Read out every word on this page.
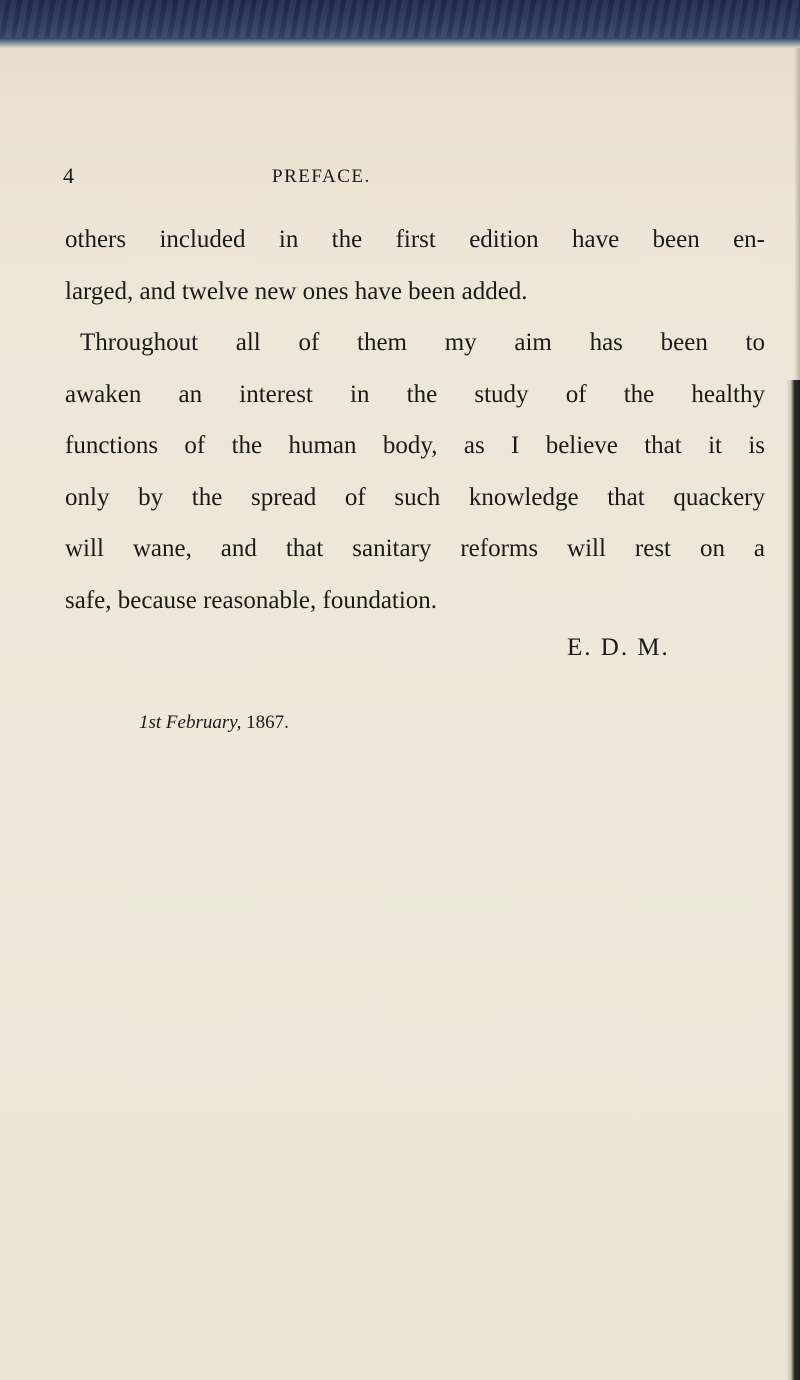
4	PREFACE.
others included in the first edition have been en-
larged, and twelve new ones have been added.
Throughout all of them my aim has been to
awaken an interest in the study of the healthy
functions of the human body, as I believe that it is
only by the spread of such knowledge that quackery
will wane, and that sanitary reforms will rest on a
safe, because reasonable, foundation.
E. D. M.
1st February, 1867.
